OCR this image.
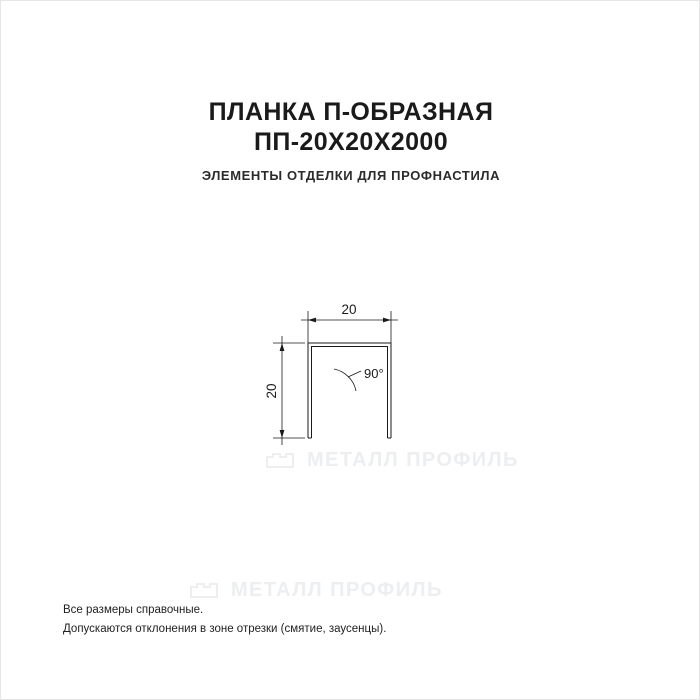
ПЛАНКА П-ОБРАЗНАЯ
ПП-20Х20Х2000
ЭЛЕМЕНТЫ ОТДЕЛКИ ДЛЯ ПРОФНАСТИЛА
МЕТАЛЛ ПРОФИЛЬ
МЕТАЛЛ ПРОФИЛЬ
20
20
90°
Все размеры справочные.
Допускаются отклонения в зоне отрезки (смятие, заусенцы).
